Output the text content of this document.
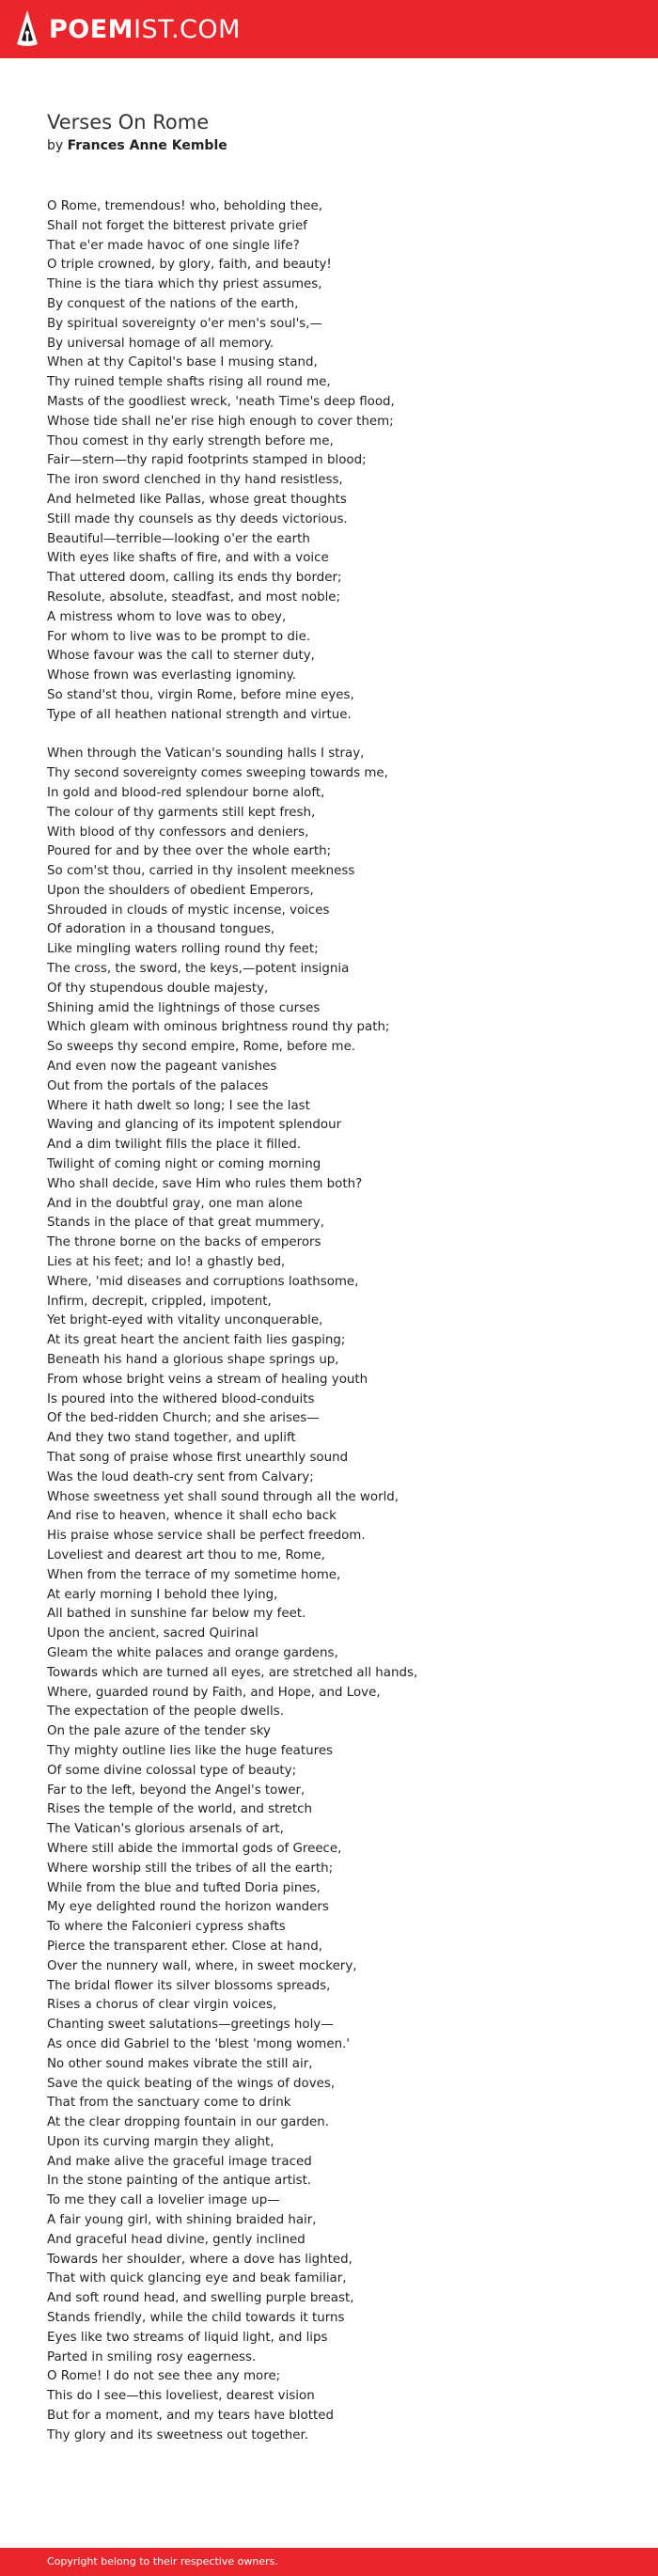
POEMIST.COM
Verses On Rome
by Frances Anne Kemble
O Rome, tremendous! who, beholding thee,
Shall not forget the bitterest private grief
That e'er made havoc of one single life?
O triple crowned, by glory, faith, and beauty!
Thine is the tiara which thy priest assumes,
By conquest of the nations of the earth,
By spiritual sovereignty o'er men's soul's,—
By universal homage of all memory.
When at thy Capitol's base I musing stand,
Thy ruined temple shafts rising all round me,
Masts of the goodliest wreck, 'neath Time's deep flood,
Whose tide shall ne'er rise high enough to cover them;
Thou comest in thy early strength before me,
Fair—stern—thy rapid footprints stamped in blood;
The iron sword clenched in thy hand resistless,
And helmeted like Pallas, whose great thoughts
Still made thy counsels as thy deeds victorious.
Beautiful—terrible—looking o'er the earth
With eyes like shafts of fire, and with a voice
That uttered doom, calling its ends thy border;
Resolute, absolute, steadfast, and most noble;
A mistress whom to love was to obey,
For whom to live was to be prompt to die.
Whose favour was the call to sterner duty,
Whose frown was everlasting ignominy.
So stand'st thou, virgin Rome, before mine eyes,
Type of all heathen national strength and virtue.
When through the Vatican's sounding halls I stray,
Thy second sovereignty comes sweeping towards me,
In gold and blood-red splendour borne aloft,
The colour of thy garments still kept fresh,
With blood of thy confessors and deniers,
Poured for and by thee over the whole earth;
So com'st thou, carried in thy insolent meekness
Upon the shoulders of obedient Emperors,
Shrouded in clouds of mystic incense, voices
Of adoration in a thousand tongues,
Like mingling waters rolling round thy feet;
The cross, the sword, the keys,—potent insignia
Of thy stupendous double majesty,
Shining amid the lightnings of those curses
Which gleam with ominous brightness round thy path;
So sweeps thy second empire, Rome, before me.
And even now the pageant vanishes
Out from the portals of the palaces
Where it hath dwelt so long; I see the last
Waving and glancing of its impotent splendour
And a dim twilight fills the place it filled.
Twilight of coming night or coming morning
Who shall decide, save Him who rules them both?
And in the doubtful gray, one man alone
Stands in the place of that great mummery,
The throne borne on the backs of emperors
Lies at his feet; and lo! a ghastly bed,
Where, 'mid diseases and corruptions loathsome,
Infirm, decrepit, crippled, impotent,
Yet bright-eyed with vitality unconquerable,
At its great heart the ancient faith lies gasping;
Beneath his hand a glorious shape springs up,
From whose bright veins a stream of healing youth
Is poured into the withered blood-conduits
Of the bed-ridden Church; and she arises—
And they two stand together, and uplift
That song of praise whose first unearthly sound
Was the loud death-cry sent from Calvary;
Whose sweetness yet shall sound through all the world,
And rise to heaven, whence it shall echo back
His praise whose service shall be perfect freedom.
Loveliest and dearest art thou to me, Rome,
When from the terrace of my sometime home,
At early morning I behold thee lying,
All bathed in sunshine far below my feet.
Upon the ancient, sacred Quirinal
Gleam the white palaces and orange gardens,
Towards which are turned all eyes, are stretched all hands,
Where, guarded round by Faith, and Hope, and Love,
The expectation of the people dwells.
On the pale azure of the tender sky
Thy mighty outline lies like the huge features
Of some divine colossal type of beauty;
Far to the left, beyond the Angel's tower,
Rises the temple of the world, and stretch
The Vatican's glorious arsenals of art,
Where still abide the immortal gods of Greece,
Where worship still the tribes of all the earth;
While from the blue and tufted Doria pines,
My eye delighted round the horizon wanders
To where the Falconieri cypress shafts
Pierce the transparent ether. Close at hand,
Over the nunnery wall, where, in sweet mockery,
The bridal flower its silver blossoms spreads,
Rises a chorus of clear virgin voices,
Chanting sweet salutations—greetings holy—
As once did Gabriel to the 'blest 'mong women.'
No other sound makes vibrate the still air,
Save the quick beating of the wings of doves,
That from the sanctuary come to drink
At the clear dropping fountain in our garden.
Upon its curving margin they alight,
And make alive the graceful image traced
In the stone painting of the antique artist.
To me they call a lovelier image up—
A fair young girl, with shining braided hair,
And graceful head divine, gently inclined
Towards her shoulder, where a dove has lighted,
That with quick glancing eye and beak familiar,
And soft round head, and swelling purple breast,
Stands friendly, while the child towards it turns
Eyes like two streams of liquid light, and lips
Parted in smiling rosy eagerness.
O Rome! I do not see thee any more;
This do I see—this loveliest, dearest vision
But for a moment, and my tears have blotted
Thy glory and its sweetness out together.
Copyright belong to their respective owners.
